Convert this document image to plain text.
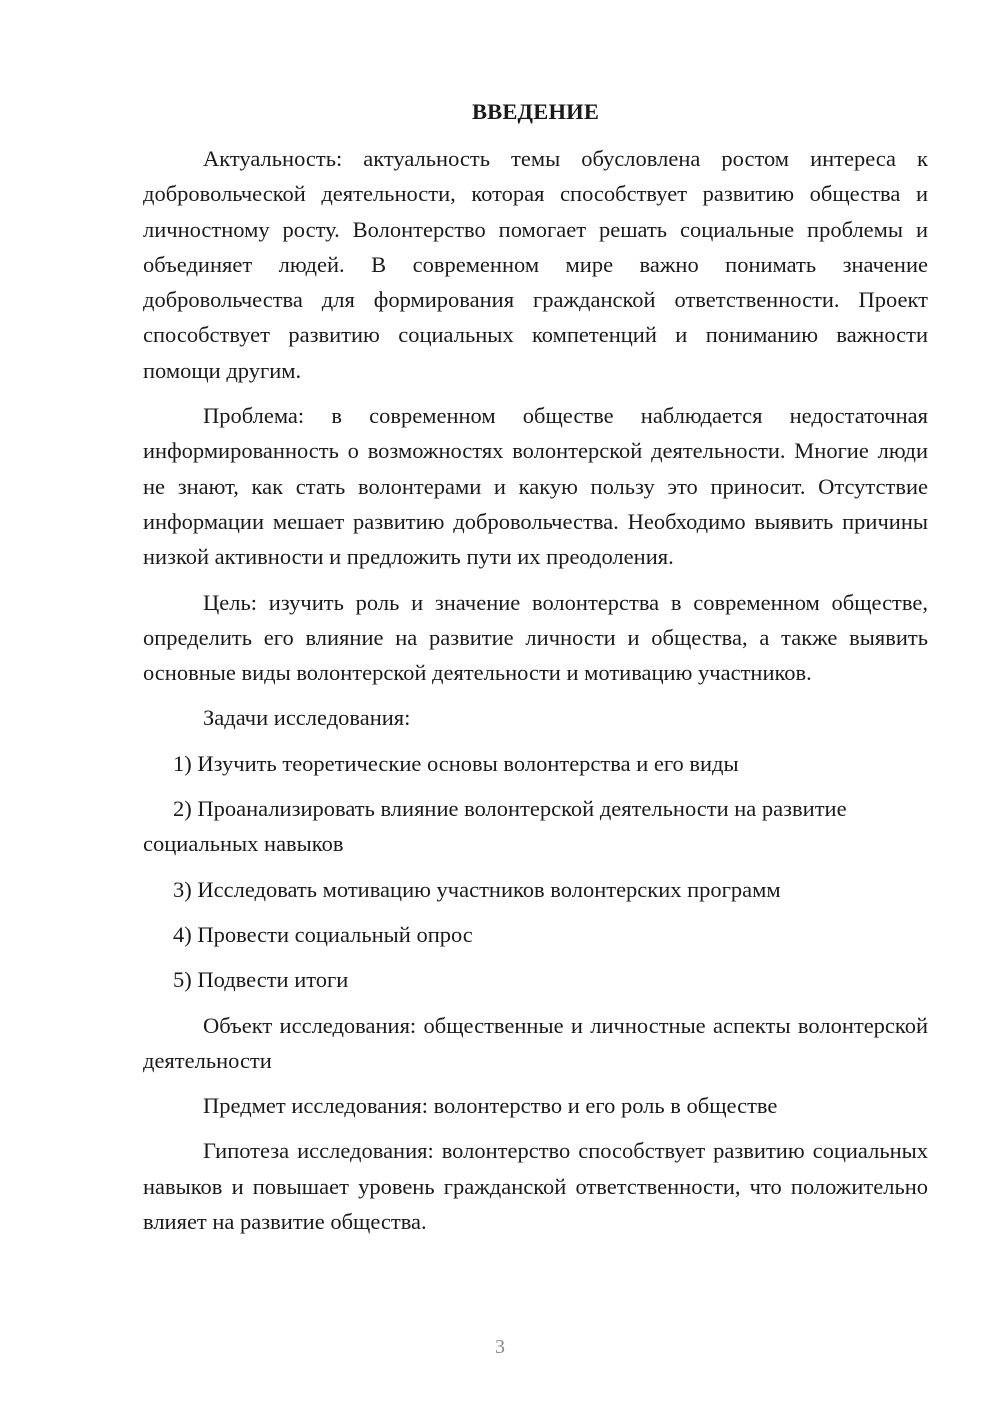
ВВЕДЕНИЕ

Актуальность: актуальность темы обусловлена ростом интереса к добровольческой деятельности, которая способствует развитию общества и личностному росту. Волонтерство помогает решать социальные проблемы и объединяет людей. В современном мире важно понимать значение добровольчества для формирования гражданской ответственности. Проект способствует развитию социальных компетенций и пониманию важности помощи другим.

Проблема: в современном обществе наблюдается недостаточная информированность о возможностях волонтерской деятельности. Многие люди не знают, как стать волонтерами и какую пользу это приносит. Отсутствие информации мешает развитию добровольчества. Необходимо выявить причины низкой активности и предложить пути их преодоления.

Цель: изучить роль и значение волонтерства в современном обществе, определить его влияние на развитие личности и общества, а также выявить основные виды волонтерской деятельности и мотивацию участников.

Задачи исследования:

1) Изучить теоретические основы волонтерства и его виды

2) Проанализировать влияние волонтерской деятельности на развитие социальных навыков

3) Исследовать мотивацию участников волонтерских программ

4) Провести социальный опрос

5) Подвести итоги

Объект исследования: общественные и личностные аспекты волонтерской деятельности

Предмет исследования: волонтерство и его роль в обществе

Гипотеза исследования: волонтерство способствует развитию социальных навыков и повышает уровень гражданской ответственности, что положительно влияет на развитие общества.

3
